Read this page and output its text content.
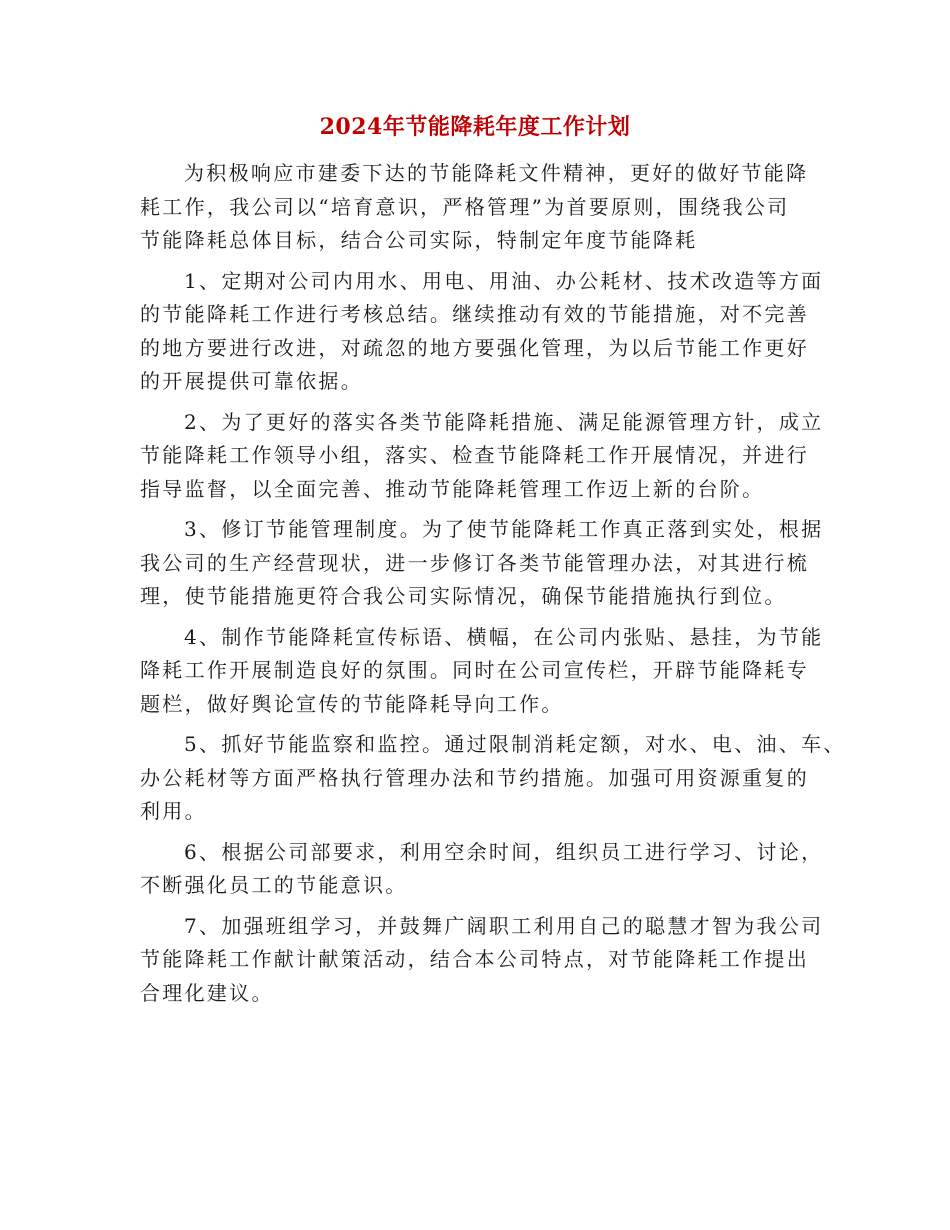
2024年节能降耗年度工作计划
为积极响应市建委下达的节能降耗文件精神，更好的做好节能降
耗工作，我公司以“培育意识，严格管理”为首要原则，围绕我公司
节能降耗总体目标，结合公司实际，特制定年度节能降耗
1、定期对公司内用水、用电、用油、办公耗材、技术改造等方面
的节能降耗工作进行考核总结。继续推动有效的节能措施，对不完善
的地方要进行改进，对疏忽的地方要强化管理，为以后节能工作更好
的开展提供可靠依据。
2、为了更好的落实各类节能降耗措施、满足能源管理方针，成立
节能降耗工作领导小组，落实、检查节能降耗工作开展情况，并进行
指导监督，以全面完善、推动节能降耗管理工作迈上新的台阶。
3、修订节能管理制度。为了使节能降耗工作真正落到实处，根据
我公司的生产经营现状，进一步修订各类节能管理办法，对其进行梳
理，使节能措施更符合我公司实际情况，确保节能措施执行到位。
4、制作节能降耗宣传标语、横幅，在公司内张贴、悬挂，为节能
降耗工作开展制造良好的氛围。同时在公司宣传栏，开辟节能降耗专
题栏，做好舆论宣传的节能降耗导向工作。
5、抓好节能监察和监控。通过限制消耗定额，对水、电、油、车、
办公耗材等方面严格执行管理办法和节约措施。加强可用资源重复的
利用。
6、根据公司部要求，利用空余时间，组织员工进行学习、讨论，
不断强化员工的节能意识。
7、加强班组学习，并鼓舞广阔职工利用自己的聪慧才智为我公司
节能降耗工作献计献策活动，结合本公司特点，对节能降耗工作提出
合理化建议。
